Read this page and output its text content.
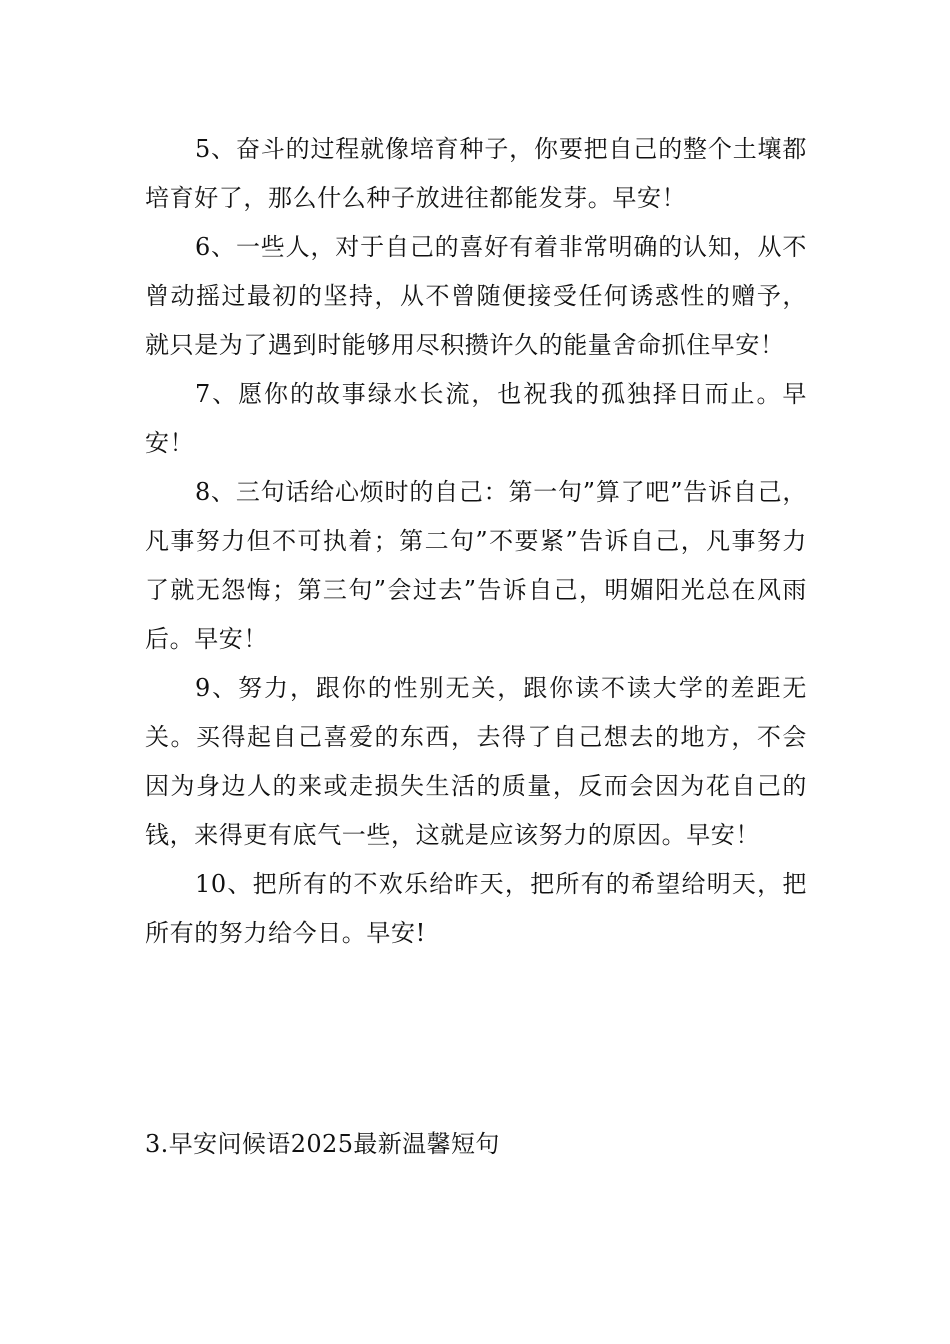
5、奋斗的过程就像培育种子，你要把自己的整个土壤都培育好了，那么什么种子放进往都能发芽。早安！

6、一些人，对于自己的喜好有着非常明确的认知，从不曾动摇过最初的坚持，从不曾随便接受任何诱惑性的赠予，就只是为了遇到时能够用尽积攒许久的能量舍命抓住早安！

7、愿你的故事绿水长流，也祝我的孤独择日而止。早安！

8、三句话给心烦时的自己：第一句”算了吧”告诉自己，凡事努力但不可执着；第二句”不要紧”告诉自己，凡事努力了就无怨悔；第三句”会过去”告诉自己，明媚阳光总在风雨后。早安！

9、努力，跟你的性别无关，跟你读不读大学的差距无关。买得起自己喜爱的东西，去得了自己想去的地方，不会因为身边人的来或走损失生活的质量，反而会因为花自己的钱，来得更有底气一些，这就是应该努力的原因。早安！

10、把所有的不欢乐给昨天，把所有的希望给明天，把所有的努力给今日。早安!

3.早安问候语2025最新温馨短句
